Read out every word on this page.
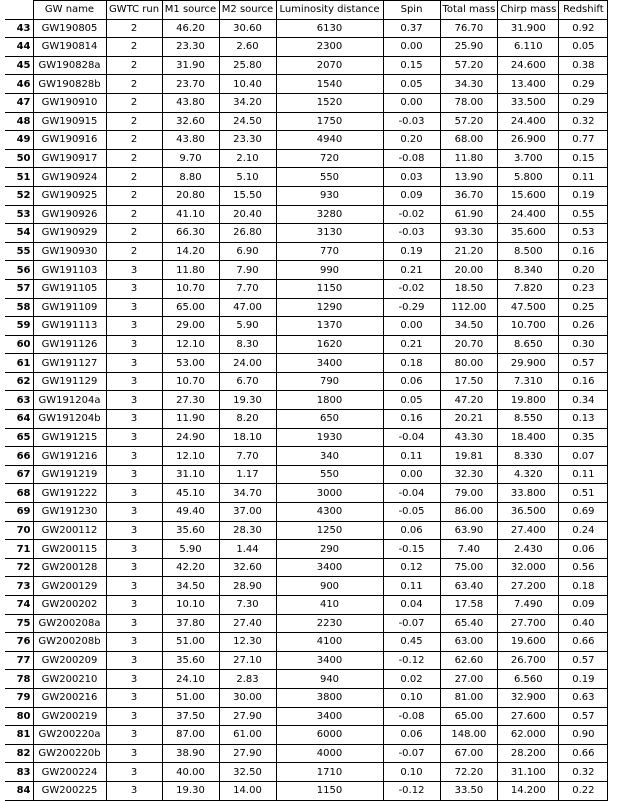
	GW name	GWTC run	M1 source	M2 source	Luminosity distance	Spin	Total mass	Chirp mass	Redshift
43	GW190805	2	46.20	30.60	6130	0.37	76.70	31.900	0.92
44	GW190814	2	23.30	2.60	2300	0.00	25.90	6.110	0.05
45	GW190828a	2	31.90	25.80	2070	0.15	57.20	24.600	0.38
46	GW190828b	2	23.70	10.40	1540	0.05	34.30	13.400	0.29
47	GW190910	2	43.80	34.20	1520	0.00	78.00	33.500	0.29
48	GW190915	2	32.60	24.50	1750	-0.03	57.20	24.400	0.32
49	GW190916	2	43.80	23.30	4940	0.20	68.00	26.900	0.77
50	GW190917	2	9.70	2.10	720	-0.08	11.80	3.700	0.15
51	GW190924	2	8.80	5.10	550	0.03	13.90	5.800	0.11
52	GW190925	2	20.80	15.50	930	0.09	36.70	15.600	0.19
53	GW190926	2	41.10	20.40	3280	-0.02	61.90	24.400	0.55
54	GW190929	2	66.30	26.80	3130	-0.03	93.30	35.600	0.53
55	GW190930	2	14.20	6.90	770	0.19	21.20	8.500	0.16
56	GW191103	3	11.80	7.90	990	0.21	20.00	8.340	0.20
57	GW191105	3	10.70	7.70	1150	-0.02	18.50	7.820	0.23
58	GW191109	3	65.00	47.00	1290	-0.29	112.00	47.500	0.25
59	GW191113	3	29.00	5.90	1370	0.00	34.50	10.700	0.26
60	GW191126	3	12.10	8.30	1620	0.21	20.70	8.650	0.30
61	GW191127	3	53.00	24.00	3400	0.18	80.00	29.900	0.57
62	GW191129	3	10.70	6.70	790	0.06	17.50	7.310	0.16
63	GW191204a	3	27.30	19.30	1800	0.05	47.20	19.800	0.34
64	GW191204b	3	11.90	8.20	650	0.16	20.21	8.550	0.13
65	GW191215	3	24.90	18.10	1930	-0.04	43.30	18.400	0.35
66	GW191216	3	12.10	7.70	340	0.11	19.81	8.330	0.07
67	GW191219	3	31.10	1.17	550	0.00	32.30	4.320	0.11
68	GW191222	3	45.10	34.70	3000	-0.04	79.00	33.800	0.51
69	GW191230	3	49.40	37.00	4300	-0.05	86.00	36.500	0.69
70	GW200112	3	35.60	28.30	1250	0.06	63.90	27.400	0.24
71	GW200115	3	5.90	1.44	290	-0.15	7.40	2.430	0.06
72	GW200128	3	42.20	32.60	3400	0.12	75.00	32.000	0.56
73	GW200129	3	34.50	28.90	900	0.11	63.40	27.200	0.18
74	GW200202	3	10.10	7.30	410	0.04	17.58	7.490	0.09
75	GW200208a	3	37.80	27.40	2230	-0.07	65.40	27.700	0.40
76	GW200208b	3	51.00	12.30	4100	0.45	63.00	19.600	0.66
77	GW200209	3	35.60	27.10	3400	-0.12	62.60	26.700	0.57
78	GW200210	3	24.10	2.83	940	0.02	27.00	6.560	0.19
79	GW200216	3	51.00	30.00	3800	0.10	81.00	32.900	0.63
80	GW200219	3	37.50	27.90	3400	-0.08	65.00	27.600	0.57
81	GW200220a	3	87.00	61.00	6000	0.06	148.00	62.000	0.90
82	GW200220b	3	38.90	27.90	4000	-0.07	67.00	28.200	0.66
83	GW200224	3	40.00	32.50	1710	0.10	72.20	31.100	0.32
84	GW200225	3	19.30	14.00	1150	-0.12	33.50	14.200	0.22
